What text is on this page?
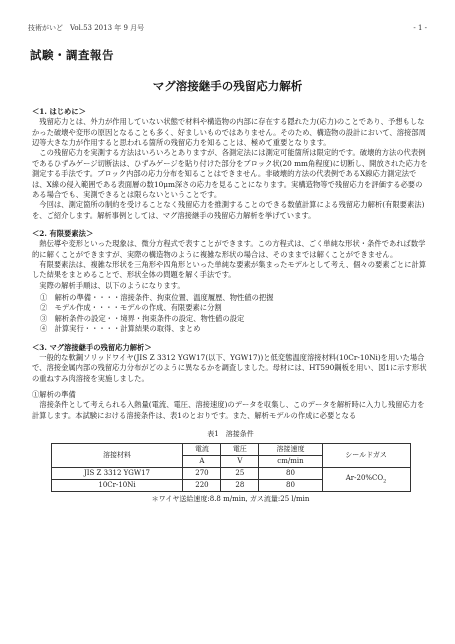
技術がいど　Vol.53 2013 年 9 月号	- 1 -
試験・調査報告
マグ溶接継手の残留応力解析
＜1. はじめに＞

残留応力とは、外力が作用していない状態で材料や構造物の内部に存在する隠れた力(応力)のことであり、予想もしなかった破壊や変形の原因となることも多く、好ましいものではありません。そのため、構造物の設計において、溶接部周辺等大きな力が作用すると思われる箇所の残留応力を知ることは、極めて重要となります。

この残留応力を実測する方法はいろいろとありますが、各測定法には測定可能箇所は限定的です。破壊的方法の代表例であるひずみゲージ切断法は、ひずみゲージを貼り付けた部分をブロック状(20 mm角程度)に切断し、開放された応力を測定する手法です。ブロック内部の応力分布を知ることはできません。非破壊的方法の代表例であるX線応力測定法では、X線の侵入範囲である表面層の数10μm深さの応力を見ることになります。実構造物等で残留応力を評価する必要のある場合でも、実測できるとは限らないということです。

今回は、測定箇所の制約を受けることなく残留応力を推測することのできる数値計算による残留応力解析(有限要素法)を、ご紹介します。解析事例としては、マグ溶接継手の残留応力解析を挙げています。

＜2. 有限要素法＞

熱伝導や変形といった現象は、微分方程式で表すことができます。この方程式は、ごく単純な形状・条件であれば数学的に解くことができますが、実際の構造物のように複雑な形状の場合は、そのままでは解くことができません。

有限要素法は、複雑な形状を三角形や四角形といった単純な要素が集まったモデルとして考え、個々の要素ごとに計算した結果をまとめることで、形状全体の問題を解く手法です。

実際の解析手順は、以下のようになります。

①　解析の準備・・・・溶接条件、拘束位置、温度履歴、物性値の把握
②　モデル作成・・・・モデルの作成、有限要素に分割
③　解析条件の設定・・境界・拘束条件の設定、物性値の設定
④　計算実行・・・・・計算結果の取得、まとめ
＜3. マグ溶接継手の残留応力解析＞

一般的な軟鋼ソリッドワイヤ(JIS Z 3312 YGW17(以下、YGW17))と低変態温度溶接材料(10Cr-10Ni)を用いた場合で、溶接金属内部の残留応力分布がどのように異なるかを調査しました。母材には、HT590鋼板を用い、図1に示す形状の重ねすみ肉溶接を実施しました。

①解析の準備

溶接条件として考えられる入熱量(電流、電圧、溶接速度)のデータを収集し、このデータを解析時に入力し残留応力を計算します。本試験における溶接条件は、表1のとおりです。また、解析モデルの作成に必要となる

表1　溶接条件
溶接材料	電流	電圧	溶接速度	シールドガス
	A	V	cm/min	
JIS Z 3312 YGW17	270	25	80	$Ar-20\%CO_2$
10Cr-10Ni	220	28	80	
＊ワイヤ送給速度:8.8 m/min, ガス流量:25 l/min
